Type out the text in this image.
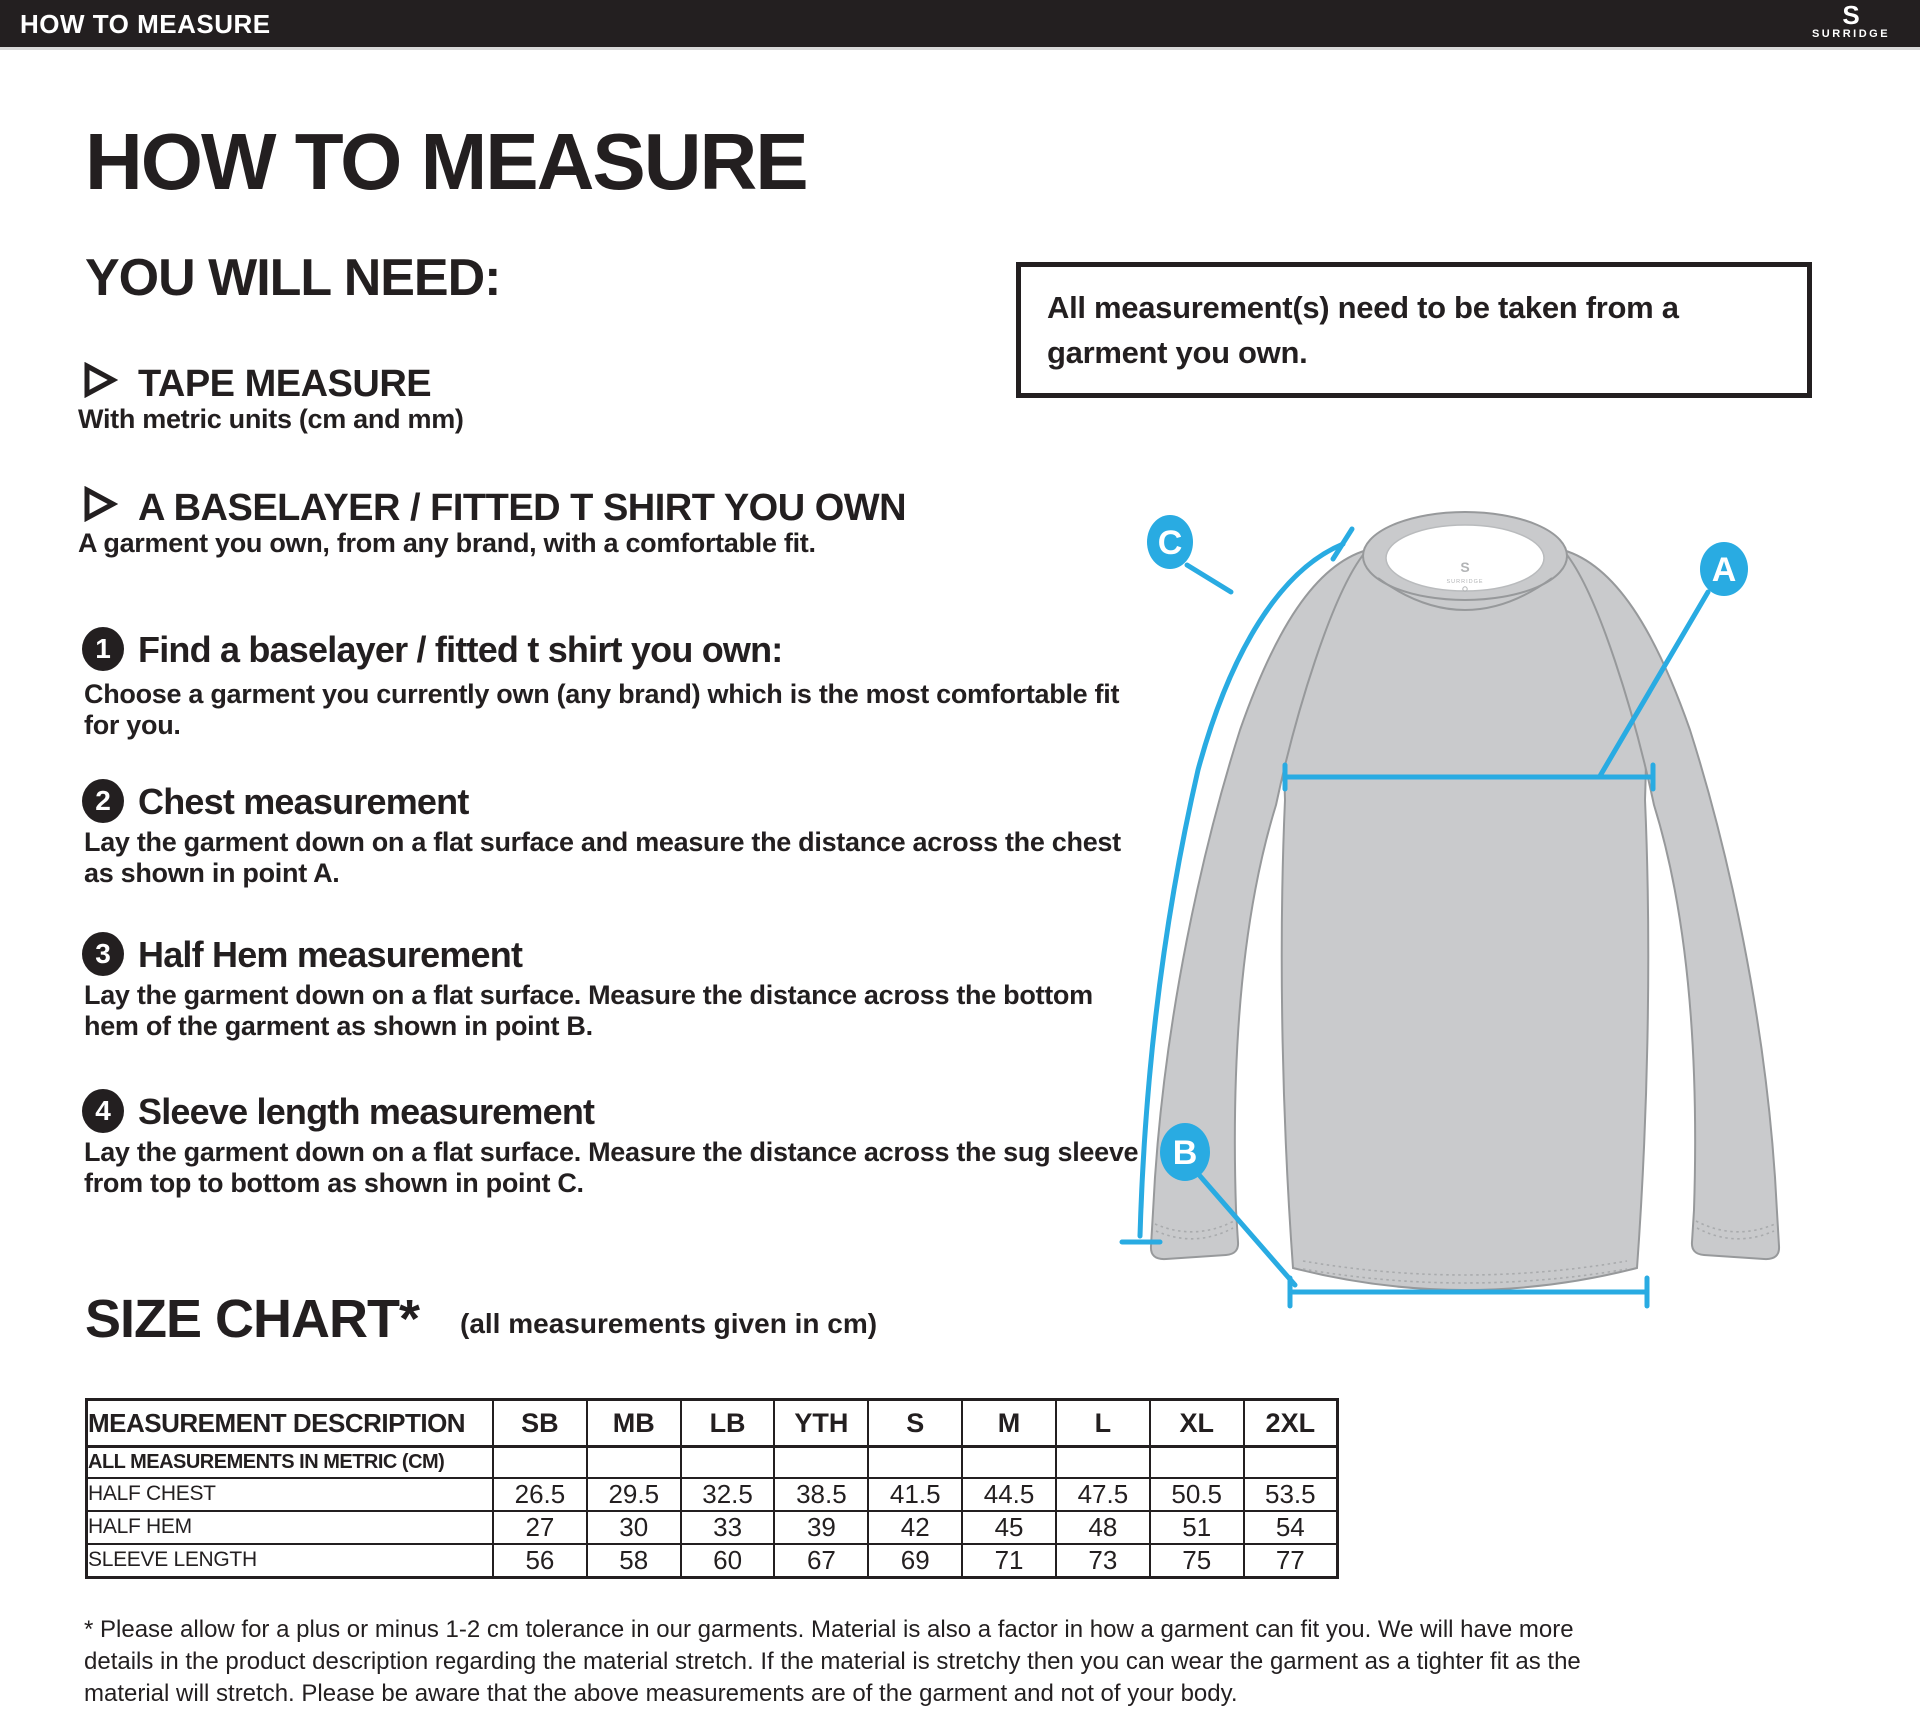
HOW TO MEASURE	S
SURRIDGE
HOW TO MEASURE
YOU WILL NEED:
TAPE MEASURE
With metric units (cm and mm)
A BASELAYER / FITTED T SHIRT YOU OWN
A garment you own, from any brand, with a comfortable fit.
1 Find a baselayer / fitted t shirt you own:
Choose a garment you currently own (any brand) which is the most comfortable fit for you.
2 Chest measurement
Lay the garment down on a flat surface and measure the distance across the chest as shown in point A.
3 Half Hem measurement
Lay the garment down on a flat surface. Measure the distance across the bottom hem of the garment as shown in point B.
4 Sleeve length measurement
Lay the garment down on a flat surface. Measure the distance across the sug sleeve from top to bottom as shown in point C.
All measurement(s) need to be taken from a garment you own.
S
SURRIDGE	A
C
B
SIZE CHART* (all measurements given in cm)
MEASUREMENT DESCRIPTION	SB	MB	LB	YTH	S	M	L	XL	2XL
ALL MEASUREMENTS IN METRIC (CM)									
HALF CHEST	26.5	29.5	32.5	38.5	41.5	44.5	47.5	50.5	53.5
HALF HEM	27	30	33	39	42	45	48	51	54
SLEEVE LENGTH	56	58	60	67	69	71	73	75	77
* Please allow for a plus or minus 1-2 cm tolerance in our garments. Material is also a factor in how a garment can fit you. We will have more details in the product description regarding the material stretch. If the material is stretchy then you can wear the garment as a tighter fit as the material will stretch. Please be aware that the above measurements are of the garment and not of your body.
